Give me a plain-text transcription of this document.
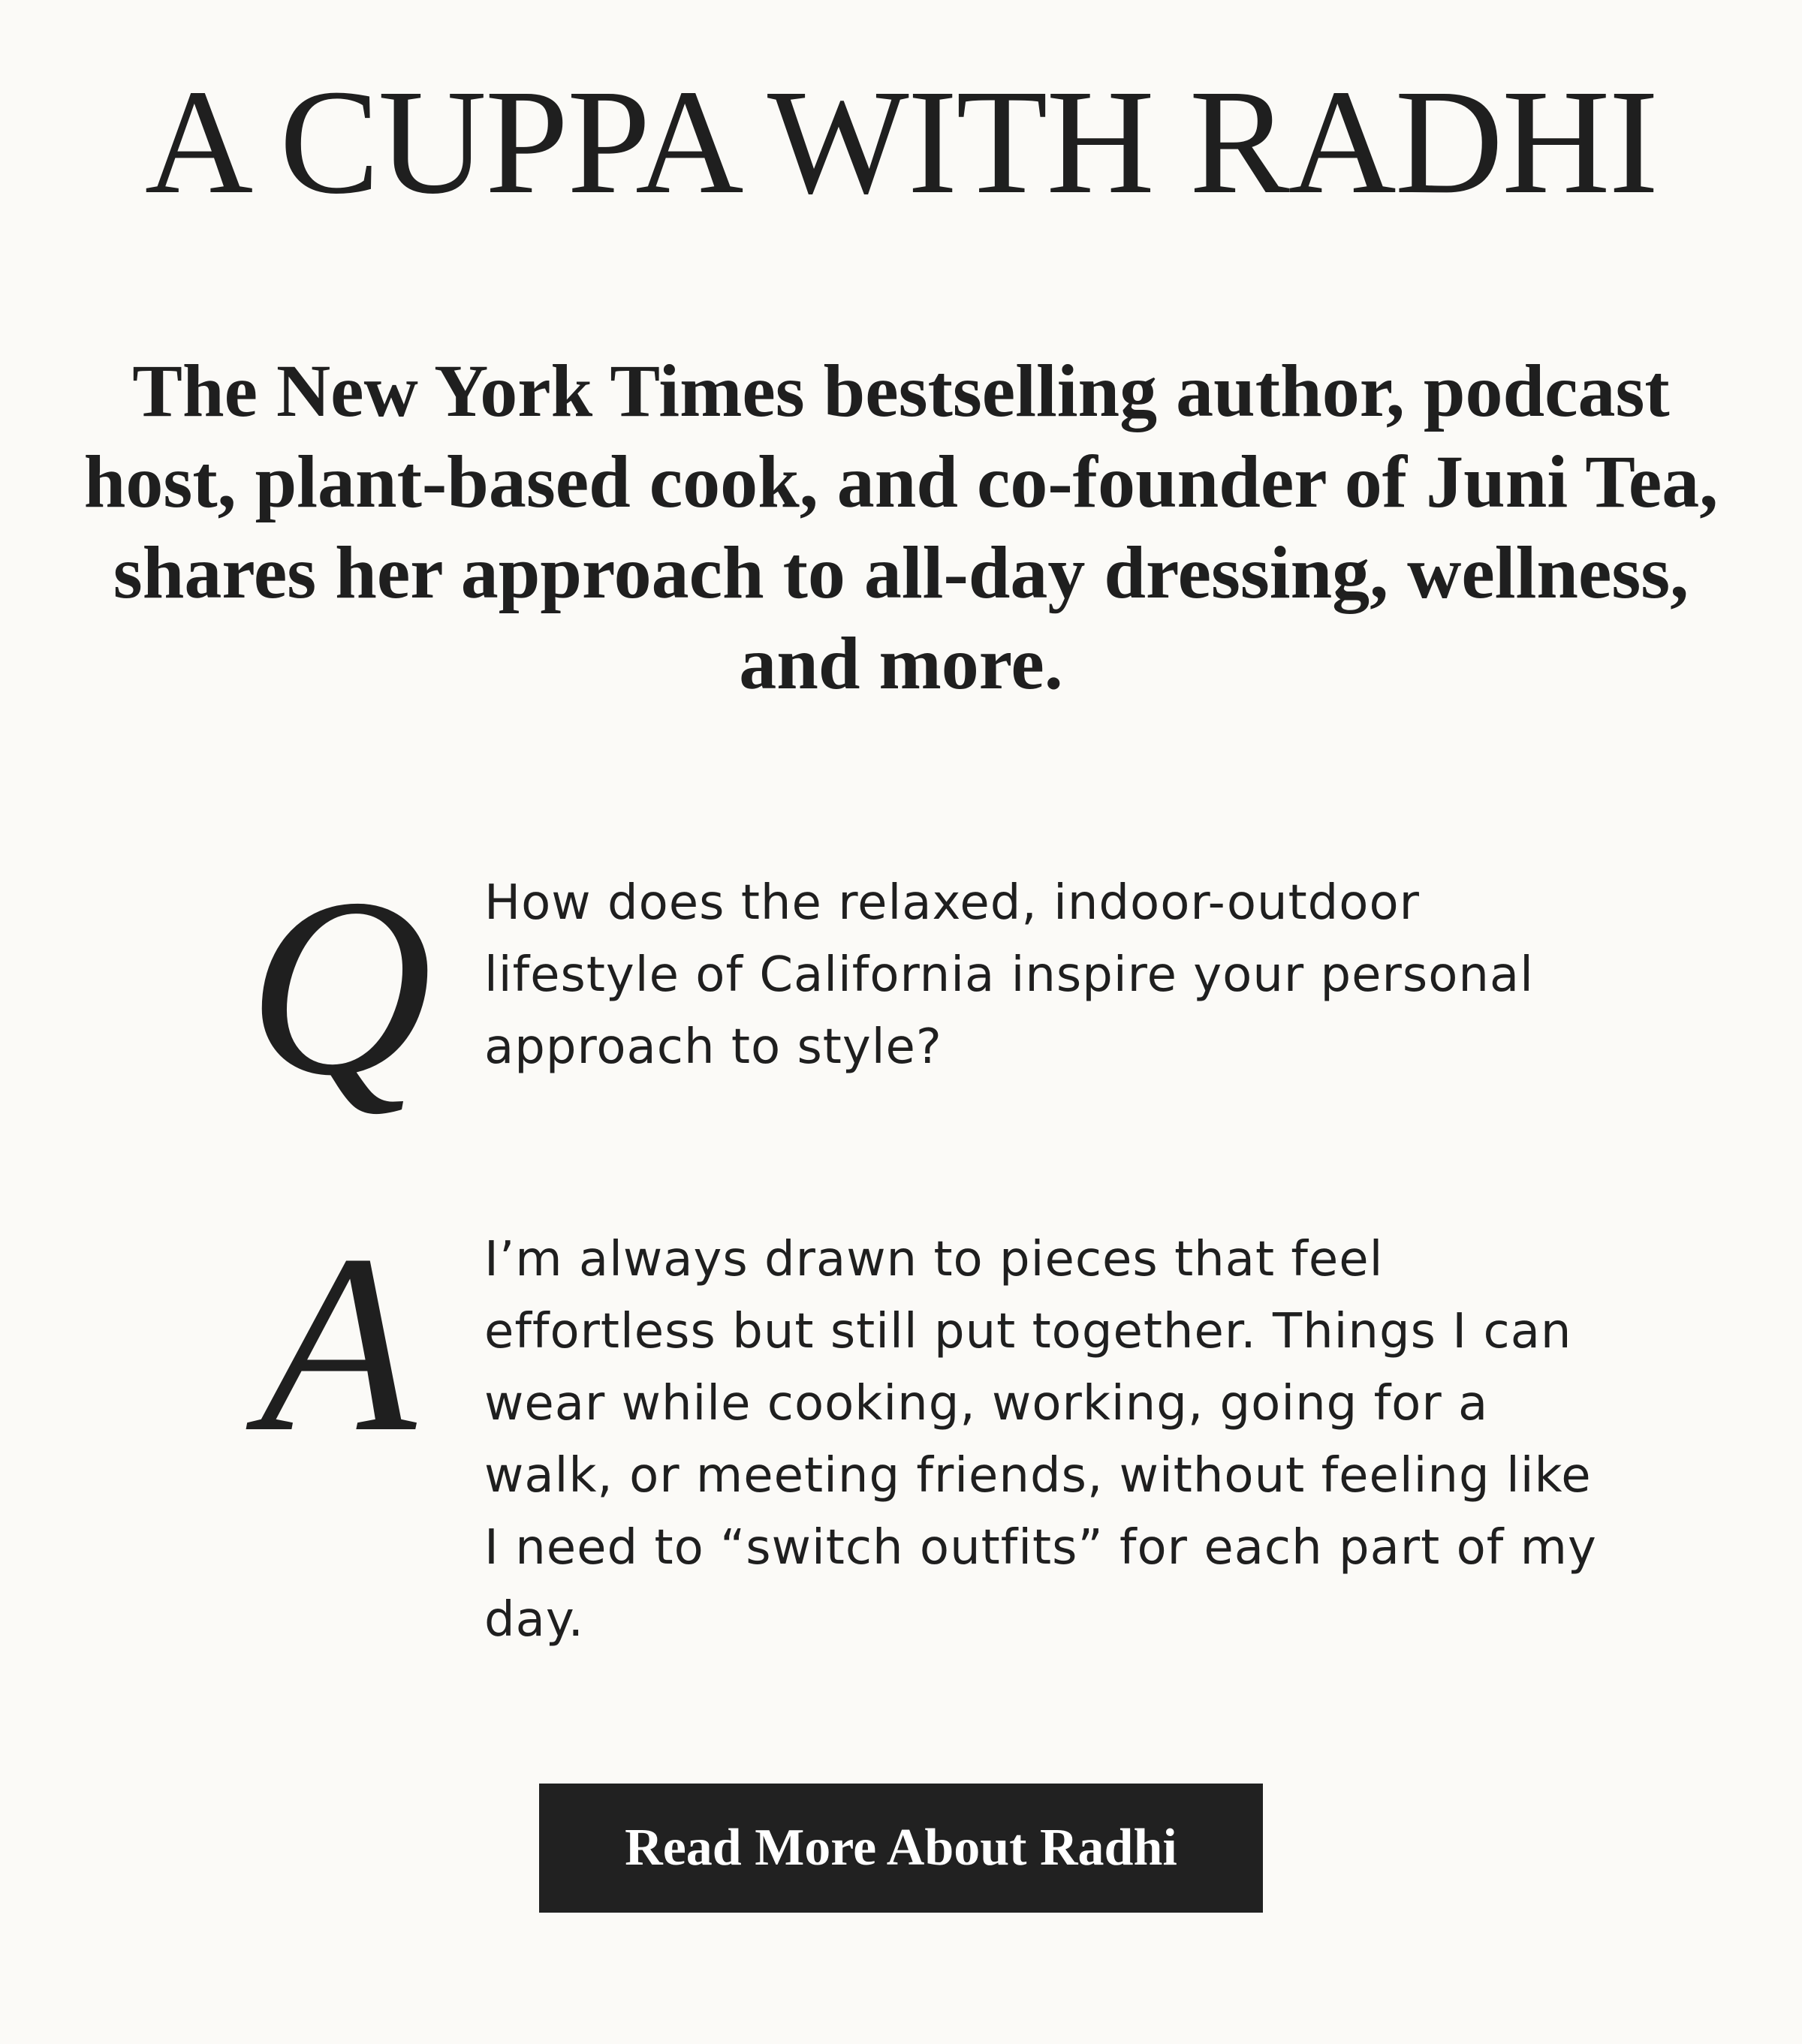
A CUPPA WITH RADHI

The New York Times bestselling author, podcast host, plant-based cook, and co-founder of Juni Tea, shares her approach to all-day dressing, wellness, and more.

Q How does the relaxed, indoor-outdoor lifestyle of California inspire your personal approach to style?

A I’m always drawn to pieces that feel effortless but still put together. Things I can wear while cooking, working, going for a walk, or meeting friends, without feeling like I need to “switch outfits” for each part of my day.

Read More About Radhi
